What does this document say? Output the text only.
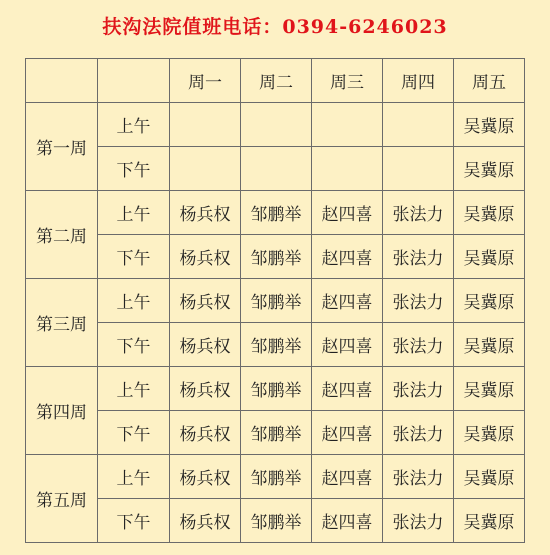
扶沟法院值班电话：0394-6246023
		周一	周二	周三	周四	周五
第一周	上午					吴冀原
	下午					吴冀原
第二周	上午	杨兵权	邹鹏举	赵四喜	张法力	吴冀原
	下午	杨兵权	邹鹏举	赵四喜	张法力	吴冀原
第三周	上午	杨兵权	邹鹏举	赵四喜	张法力	吴冀原
	下午	杨兵权	邹鹏举	赵四喜	张法力	吴冀原
第四周	上午	杨兵权	邹鹏举	赵四喜	张法力	吴冀原
	下午	杨兵权	邹鹏举	赵四喜	张法力	吴冀原
第五周	上午	杨兵权	邹鹏举	赵四喜	张法力	吴冀原
	下午	杨兵权	邹鹏举	赵四喜	张法力	吴冀原
